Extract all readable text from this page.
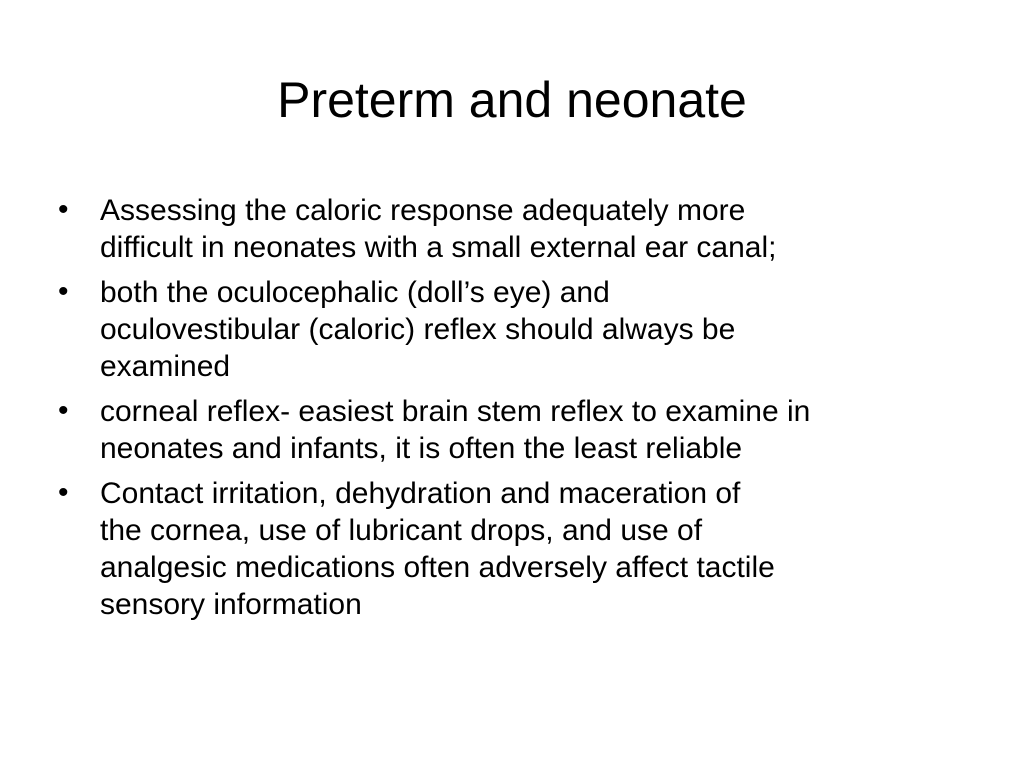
Preterm and neonate
•	Assessing the caloric response adequately more
difficult in neonates with a small external ear canal;
•	both the oculocephalic (doll’s eye) and
oculovestibular (caloric) reflex should always be
examined
•	corneal reflex- easiest brain stem reflex to examine in
neonates and infants, it is often the least reliable
•	Contact irritation, dehydration and maceration of
the cornea, use of lubricant drops, and use of
analgesic medications often adversely affect tactile
sensory information
